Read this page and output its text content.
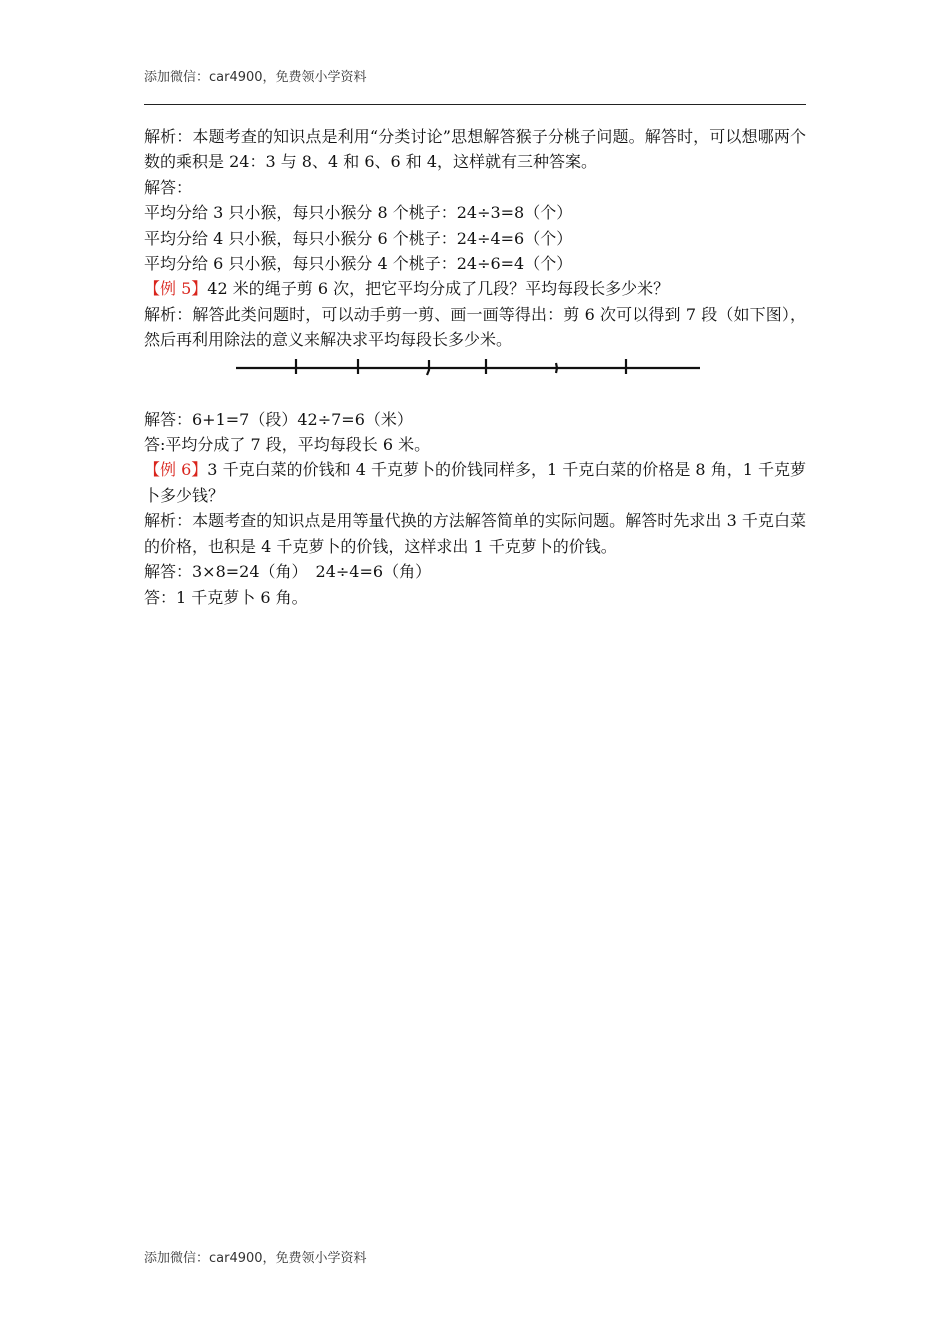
添加微信：car4900，免费领小学资料

解析：本题考查的知识点是利用“分类讨论”思想解答猴子分桃子问题。解答时，可以想哪两个数的乘积是 24：3 与 8、4 和 6、6 和 4，这样就有三种答案。

解答：

平均分给 3 只小猴，每只小猴分 8 个桃子：24÷3=8（个）

平均分给 4 只小猴，每只小猴分 6 个桃子：24÷4=6（个）

平均分给 6 只小猴，每只小猴分 4 个桃子：24÷6=4（个）

【例 5】42 米的绳子剪 6 次，把它平均分成了几段？平均每段长多少米？

解析：解答此类问题时，可以动手剪一剪、画一画等得出：剪 6 次可以得到 7 段（如下图），然后再利用除法的意义来解决求平均每段长多少米。

解答：6+1=7（段）42÷7=6（米）

答:平均分成了 7 段，平均每段长 6 米。

【例 6】3 千克白菜的价钱和 4 千克萝卜的价钱同样多，1 千克白菜的价格是 8 角，1 千克萝卜多少钱？

解析：本题考查的知识点是用等量代换的方法解答简单的实际问题。解答时先求出 3 千克白菜的价格，也积是 4 千克萝卜的价钱，这样求出 1 千克萝卜的价钱。

解答：3×8=24（角）　24÷4=6（角）

答：1 千克萝卜 6 角。

添加微信：car4900，免费领小学资料
